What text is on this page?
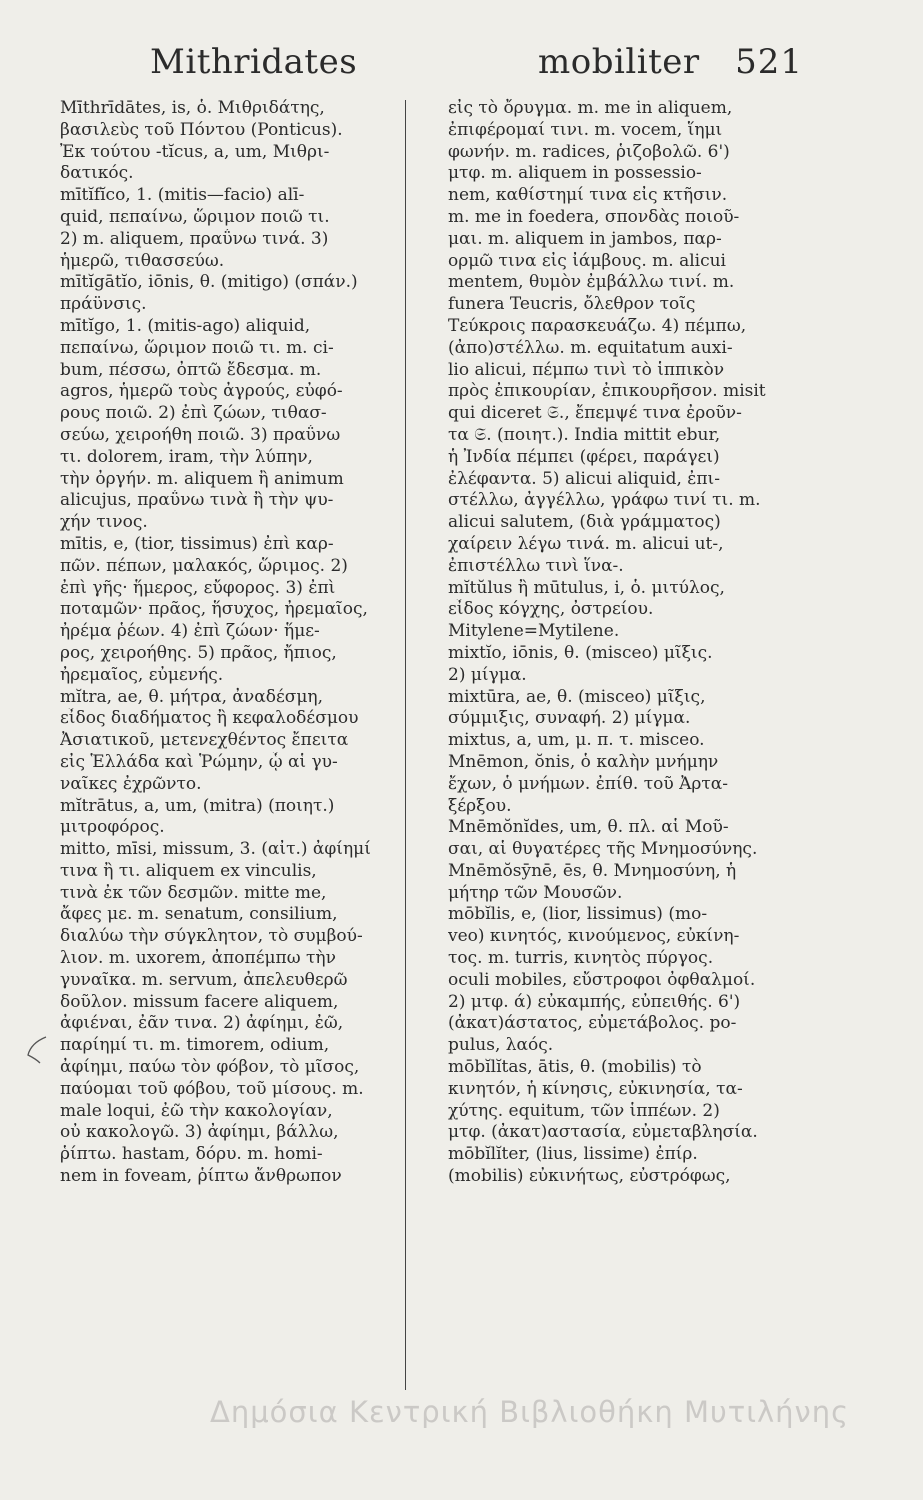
Mithridates	mobiliter 521
Mīthrīdātes, is, ὁ. Μιθριδάτης,
βασιλεὺς τοῦ Πόντου (Ponticus).
Ἐκ τούτου -tĭcus, a, um, Μιθρι-
δατικός.
mītĭfĭco, 1. (mitis—facio) alī-
quid, πεπαίνω, ὥριμον ποιῶ τι.
2) m. aliquem, πραΰνω τινά. 3)
ἡμερῶ, τιθασσεύω.
mītĭgātĭo, iōnis, θ. (mitigo) (σπάν.)
πράϋνσις.
mītĭgo, 1. (mitis-ago) aliquid,
πεπαίνω, ὥριμον ποιῶ τι. m. ci-
bum, πέσσω, ὀπτῶ ἔδεσμα. m.
agros, ἡμερῶ τοὺς ἀγρούς, εὐφό-
ρους ποιῶ. 2) ἐπὶ ζώων, τιθασ-
σεύω, χειροήθη ποιῶ. 3) πραΰνω
τι. dolorem, iram, τὴν λύπην,
τὴν ὀργήν. m. aliquem ἢ animum
alicujus, πραΰνω τινὰ ἢ τὴν ψυ-
χήν τινος.
mītis, e, (tior, tissimus) ἐπὶ καρ-
πῶν. πέπων, μαλακός, ὥριμος. 2)
ἐπὶ γῆς· ἥμερος, εὔφορος. 3) ἐπὶ
ποταμῶν· πρᾶος, ἥσυχος, ἠρεμαῖος,
ἠρέμα ῥέων. 4) ἐπὶ ζώων· ἥμε-
ρος, χειροήθης. 5) πρᾶος, ἤπιος,
ἠρεμαῖος, εὐμενής.
mĭtra, ae, θ. μήτρα, ἀναδέσμη,
εἶδος διαδήματος ἢ κεφαλοδέσμου
Ἀσιατικοῦ, μετενεχθέντος ἔπειτα
εἰς Ἑλλάδα καὶ Ῥώμην, ᾧ αἱ γυ-
ναῖκες ἐχρῶντο.
mĭtrātus, a, um, (mitra) (ποιητ.)
μιτροφόρος.
mitto, mīsi, missum, 3. (αἰτ.) ἀφίημί
τινα ἢ τι. aliquem ex vinculis,
τινὰ ἐκ τῶν δεσμῶν. mitte me,
ἄφες με. m. senatum, consilium,
διαλύω τὴν σύγκλητον, τὸ συμβού-
λιον. m. uxorem, ἀποπέμπω τὴν
γυναῖκα. m. servum, ἀπελευθερῶ
δοῦλον. missum facere aliquem,
ἀφιέναι, ἐᾶν τινα. 2) ἀφίημι, ἐῶ,
παρίημί τι. m. timorem, odium,
ἀφίημι, παύω τὸν φόβον, τὸ μῖσος,
παύομαι τοῦ φόβου, τοῦ μίσους. m.
male loqui, ἐῶ τὴν κακολογίαν,
οὐ κακολογῶ. 3) ἀφίημι, βάλλω,
ῥίπτω. hastam, δόρυ. m. homi-
nem in foveam, ῥίπτω ἄνθρωπον
εἰς τὸ ὄρυγμα. m. me in aliquem,
ἐπιφέρομαί τινι. m. vocem, ἵημι
φωνήν. m. radices, ῥιζοβολῶ. 6')
μτφ. m. aliquem in possessio-
nem, καθίστημί τινα εἰς κτῆσιν.
m. me in foedera, σπονδὰς ποιοῦ-
μαι. m. aliquem in jambos, παρ-
ορμῶ τινα εἰς ἰάμβους. m. alicui
mentem, θυμὸν ἐμβάλλω τινί. m.
funera Teucris, ὄλεθρον τοῖς
Τεύκροις παρασκευάζω. 4) πέμπω,
(ἀπο)στέλλω. m. equitatum auxi-
lio alicui, πέμπω τινὶ τὸ ἱππικὸν
πρὸς ἐπικουρίαν, ἐπικουρῆσον. misit
qui diceret 𝔖., ἔπεμψέ τινα ἐροῦν-
τα 𝔖. (ποιητ.). India mittit ebur,
ἡ Ἰνδία πέμπει (φέρει, παράγει)
ἐλέφαντα. 5) alicui aliquid, ἐπι-
στέλλω, ἀγγέλλω, γράφω τινί τι. m.
alicui salutem, (διὰ γράμματος)
χαίρειν λέγω τινά. m. alicui ut-,
ἐπιστέλλω τινὶ ἵνα-.
mĭtŭlus ἢ mūtulus, i, ὁ. μιτύλος,
εἶδος κόγχης, ὀστρείου.
Mitylene=Mytilene.
mixtĭo, iōnis, θ. (misceo) μῖξις.
2) μίγμα.
mixtūra, ae, θ. (misceo) μῖξις,
σύμμιξις, συναφή. 2) μίγμα.
mixtus, a, um, μ. π. τ. misceo.
Mnēmon, ŏnis, ὁ καλὴν μνήμην
ἔχων, ὁ μνήμων. ἐπίθ. τοῦ Ἀρτα-
ξέρξου.
Mnēmŏnĭdes, um, θ. πλ. αἱ Μοῦ-
σαι, αἱ θυγατέρες τῆς Μνημοσύνης.
Mnēmŏsȳnē, ēs, θ. Μνημοσύνη, ἡ
μήτηρ τῶν Μουσῶν.
mōbĭlis, e, (lior, lissimus) (mo-
veo) κινητός, κινούμενος, εὐκίνη-
τος. m. turris, κινητὸς πύργος.
oculi mobiles, εὔστροφοι ὀφθαλμοί.
2) μτφ. ά) εὐκαμπής, εὐπειθής. 6')
(ἀκατ)άστατος, εὐμετάβολος. po-
pulus, λαός.
mōbĭlĭtas, ātis, θ. (mobilis) τὸ
κινητόν, ἡ κίνησις, εὐκινησία, τα-
χύτης. equitum, τῶν ἱππέων. 2)
μτφ. (ἀκατ)αστασία, εὐμεταβλησία.
mōbĭlĭter, (lius, lissime) ἐπίρ.
(mobilis) εὐκινήτως, εὐστρόφως,
Δημόσια Κεντρική Βιβλιοθήκη Μυτιλήνης
